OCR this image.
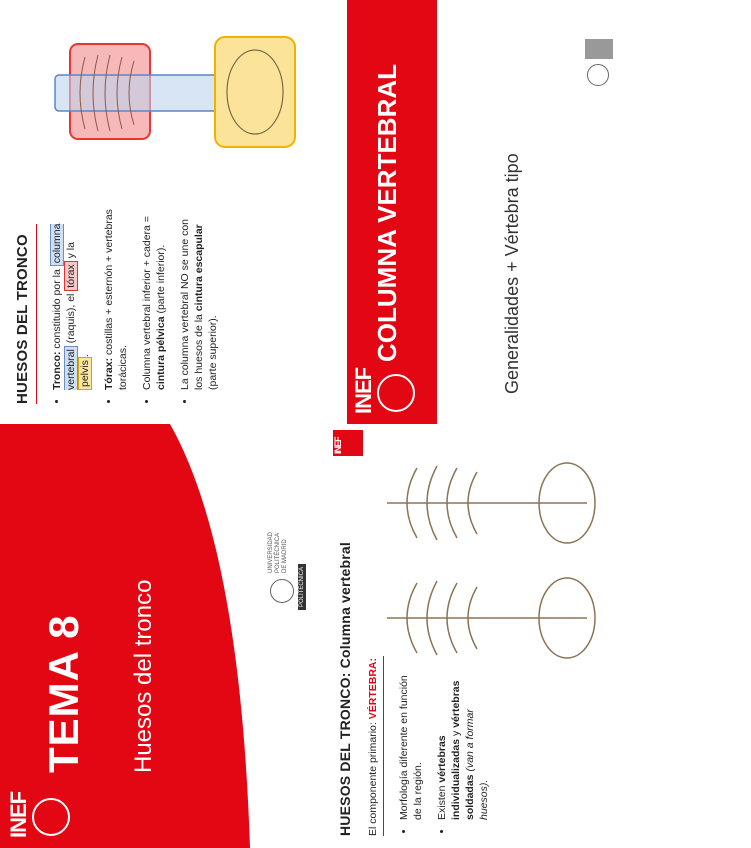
INEF
TEMA 8 Huesos del tronco
UNIVERSIDAD POLITÉCNICA DE MADRID
POLITÉCNICA
HUESOS DEL TRONCO • Tronco: constituido por la columna vertebral (raquis), el tórax y la pelvis.
• Tórax: costillas + esternón + vertebras torácicas. • Columna vertebral inferior + cadera = cintura pélvica (parte inferior). • La columna vertebral NO se une con los huesos de la cintura escapular (parte superior).
HUESOS DEL TRONCO: Columna vertebral
INEF
El componente primario: VÉRTEBRA: • Morfología diferente en función de la región. • Existen vértebras individualizadas y vértebras soldadas (van a formar huesos).
INEF
COLUMNA VERTEBRAL	Generalidades + Vértebra tipo
